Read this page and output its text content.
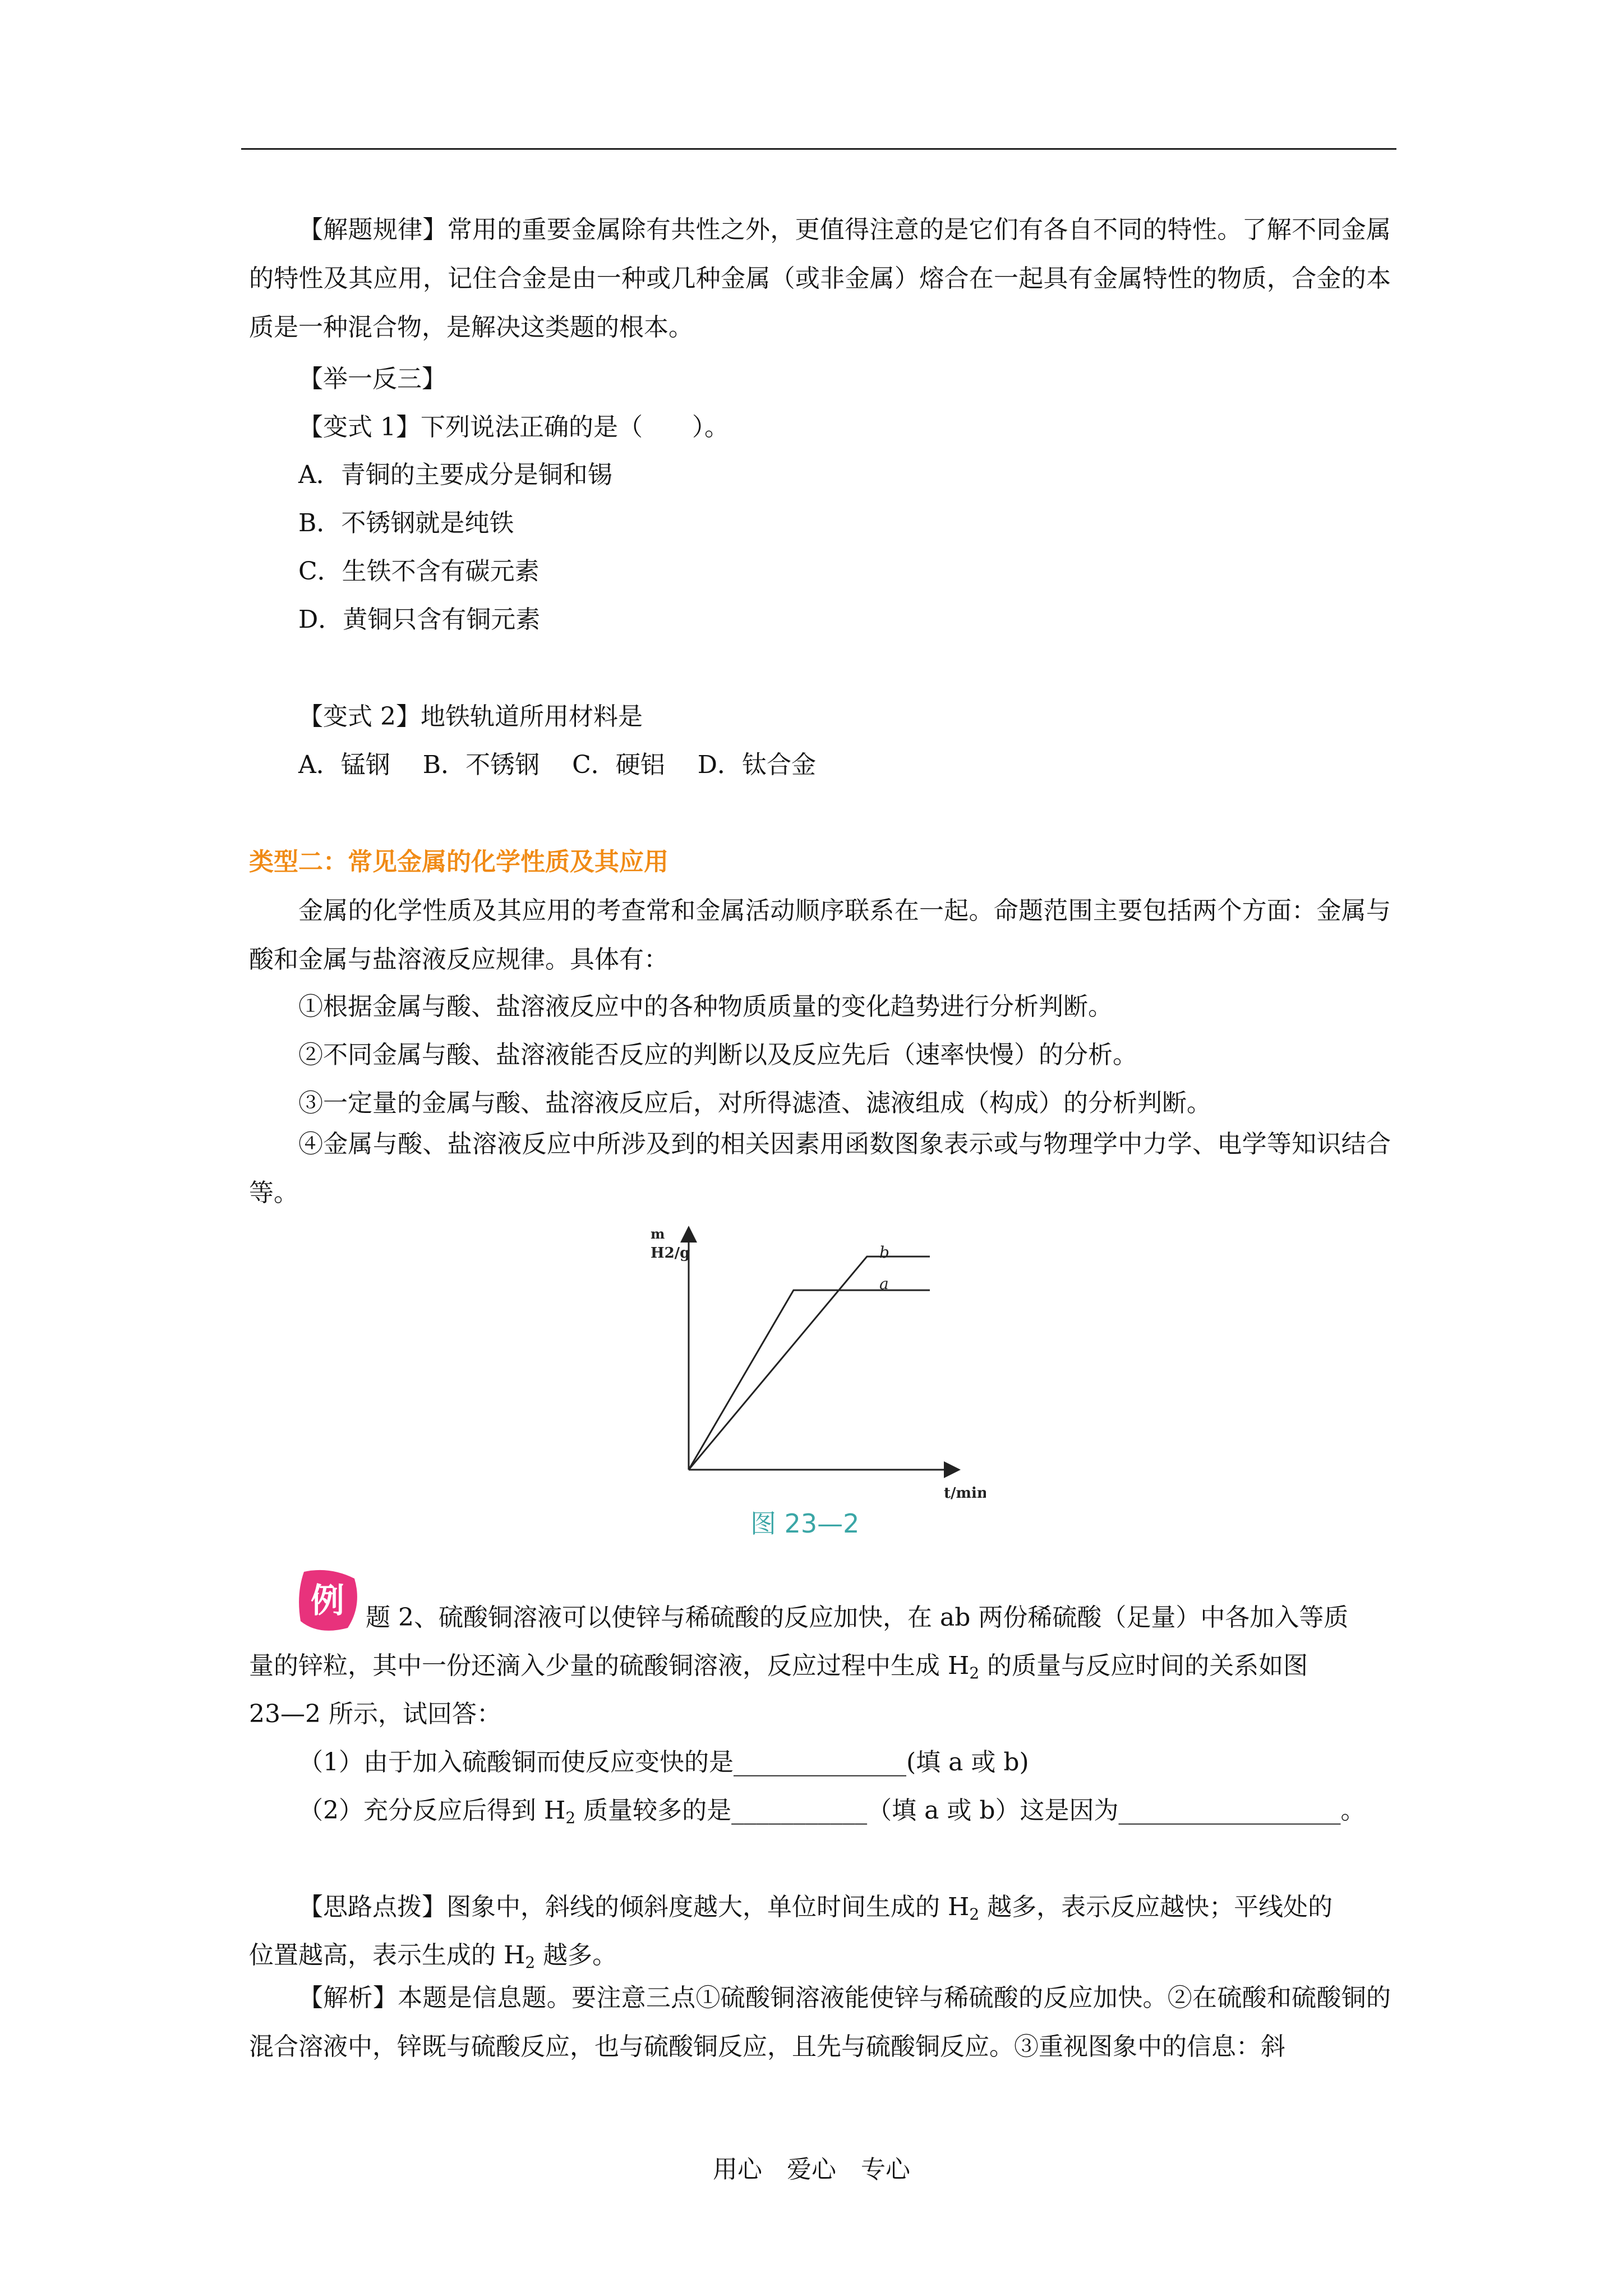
【解题规律】常用的重要金属除有共性之外，更值得注意的是它们有各自不同的特性。了解不同金属的特性及其应用，记住合金是由一种或几种金属（或非金属）熔合在一起具有金属特性的物质，合金的本质是一种混合物，是解决这类题的根本。
【举一反三】
【变式 1】下列说法正确的是（　　）。
A．青铜的主要成分是铜和锡
B．不锈钢就是纯铁
C．生铁不含有碳元素
D．黄铜只含有铜元素
【变式 2】地铁轨道所用材料是
A．锰钢　 B．不锈钢　 C．硬铝　 D．钛合金
类型二：常见金属的化学性质及其应用
金属的化学性质及其应用的考查常和金属活动顺序联系在一起。命题范围主要包括两个方面：金属与酸和金属与盐溶液反应规律。具体有：
①根据金属与酸、盐溶液反应中的各种物质质量的变化趋势进行分析判断。
②不同金属与酸、盐溶液能否反应的判断以及反应先后（速率快慢）的分析。
③一定量的金属与酸、盐溶液反应后，对所得滤渣、滤液组成（构成）的分析判断。
④金属与酸、盐溶液反应中所涉及到的相关因素用函数图象表示或与物理学中力学、电学等知识结合等。
m
H2/g
t/min
a
b
图 23—2
例 题 2、硫酸铜溶液可以使锌与稀硫酸的反应加快，在 ab 两份稀硫酸（足量）中各加入等质
量的锌粒，其中一份还滴入少量的硫酸铜溶液，反应过程中生成 $H_2$ 的质量与反应时间的关系如图
23—2 所示，试回答：
（1）由于加入硫酸铜而使反应变快的是______________(填 a 或 b)
（2）充分反应后得到 $H_2$ 质量较多的是___________（填 a 或 b）这是因为__________________。
【思路点拨】图象中，斜线的倾斜度越大，单位时间生成的 $H_2$ 越多，表示反应越快；平线处的
位置越高，表示生成的 $H_2$ 越多。
【解析】本题是信息题。要注意三点①硫酸铜溶液能使锌与稀硫酸的反应加快。②在硫酸和硫酸铜的混合溶液中，锌既与硫酸反应，也与硫酸铜反应，且先与硫酸铜反应。③重视图象中的信息：斜
用心　爱心　专心
